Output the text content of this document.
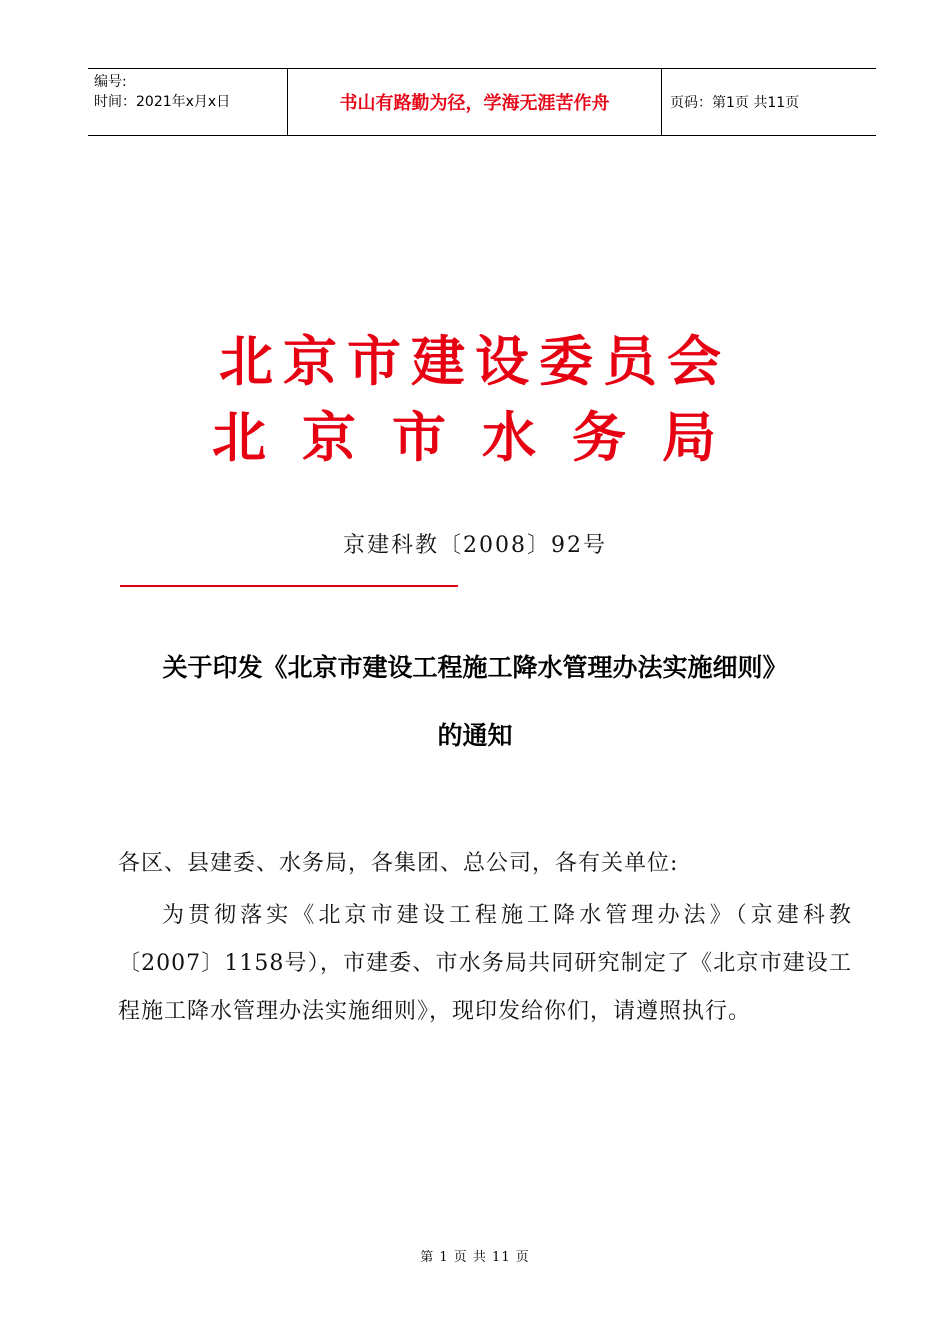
编号:
时间：2021年x月x日	书山有路勤为径，学海无涯苦作舟	页码：第1页 共11页
北京市建设委员会
北京市水务局
京建科教〔2008〕92号
关于印发《北京市建设工程施工降水管理办法实施细则》
的通知
各区、县建委、水务局，各集团、总公司，各有关单位:
为贯彻落实《北京市建设工程施工降水管理办法》（京建科教〔2007〕1158号），市建委、市水务局共同研究制定了《北京市建设工程施工降水管理办法实施细则》，现印发给你们，请遵照执行。
第 1 页 共 11 页
